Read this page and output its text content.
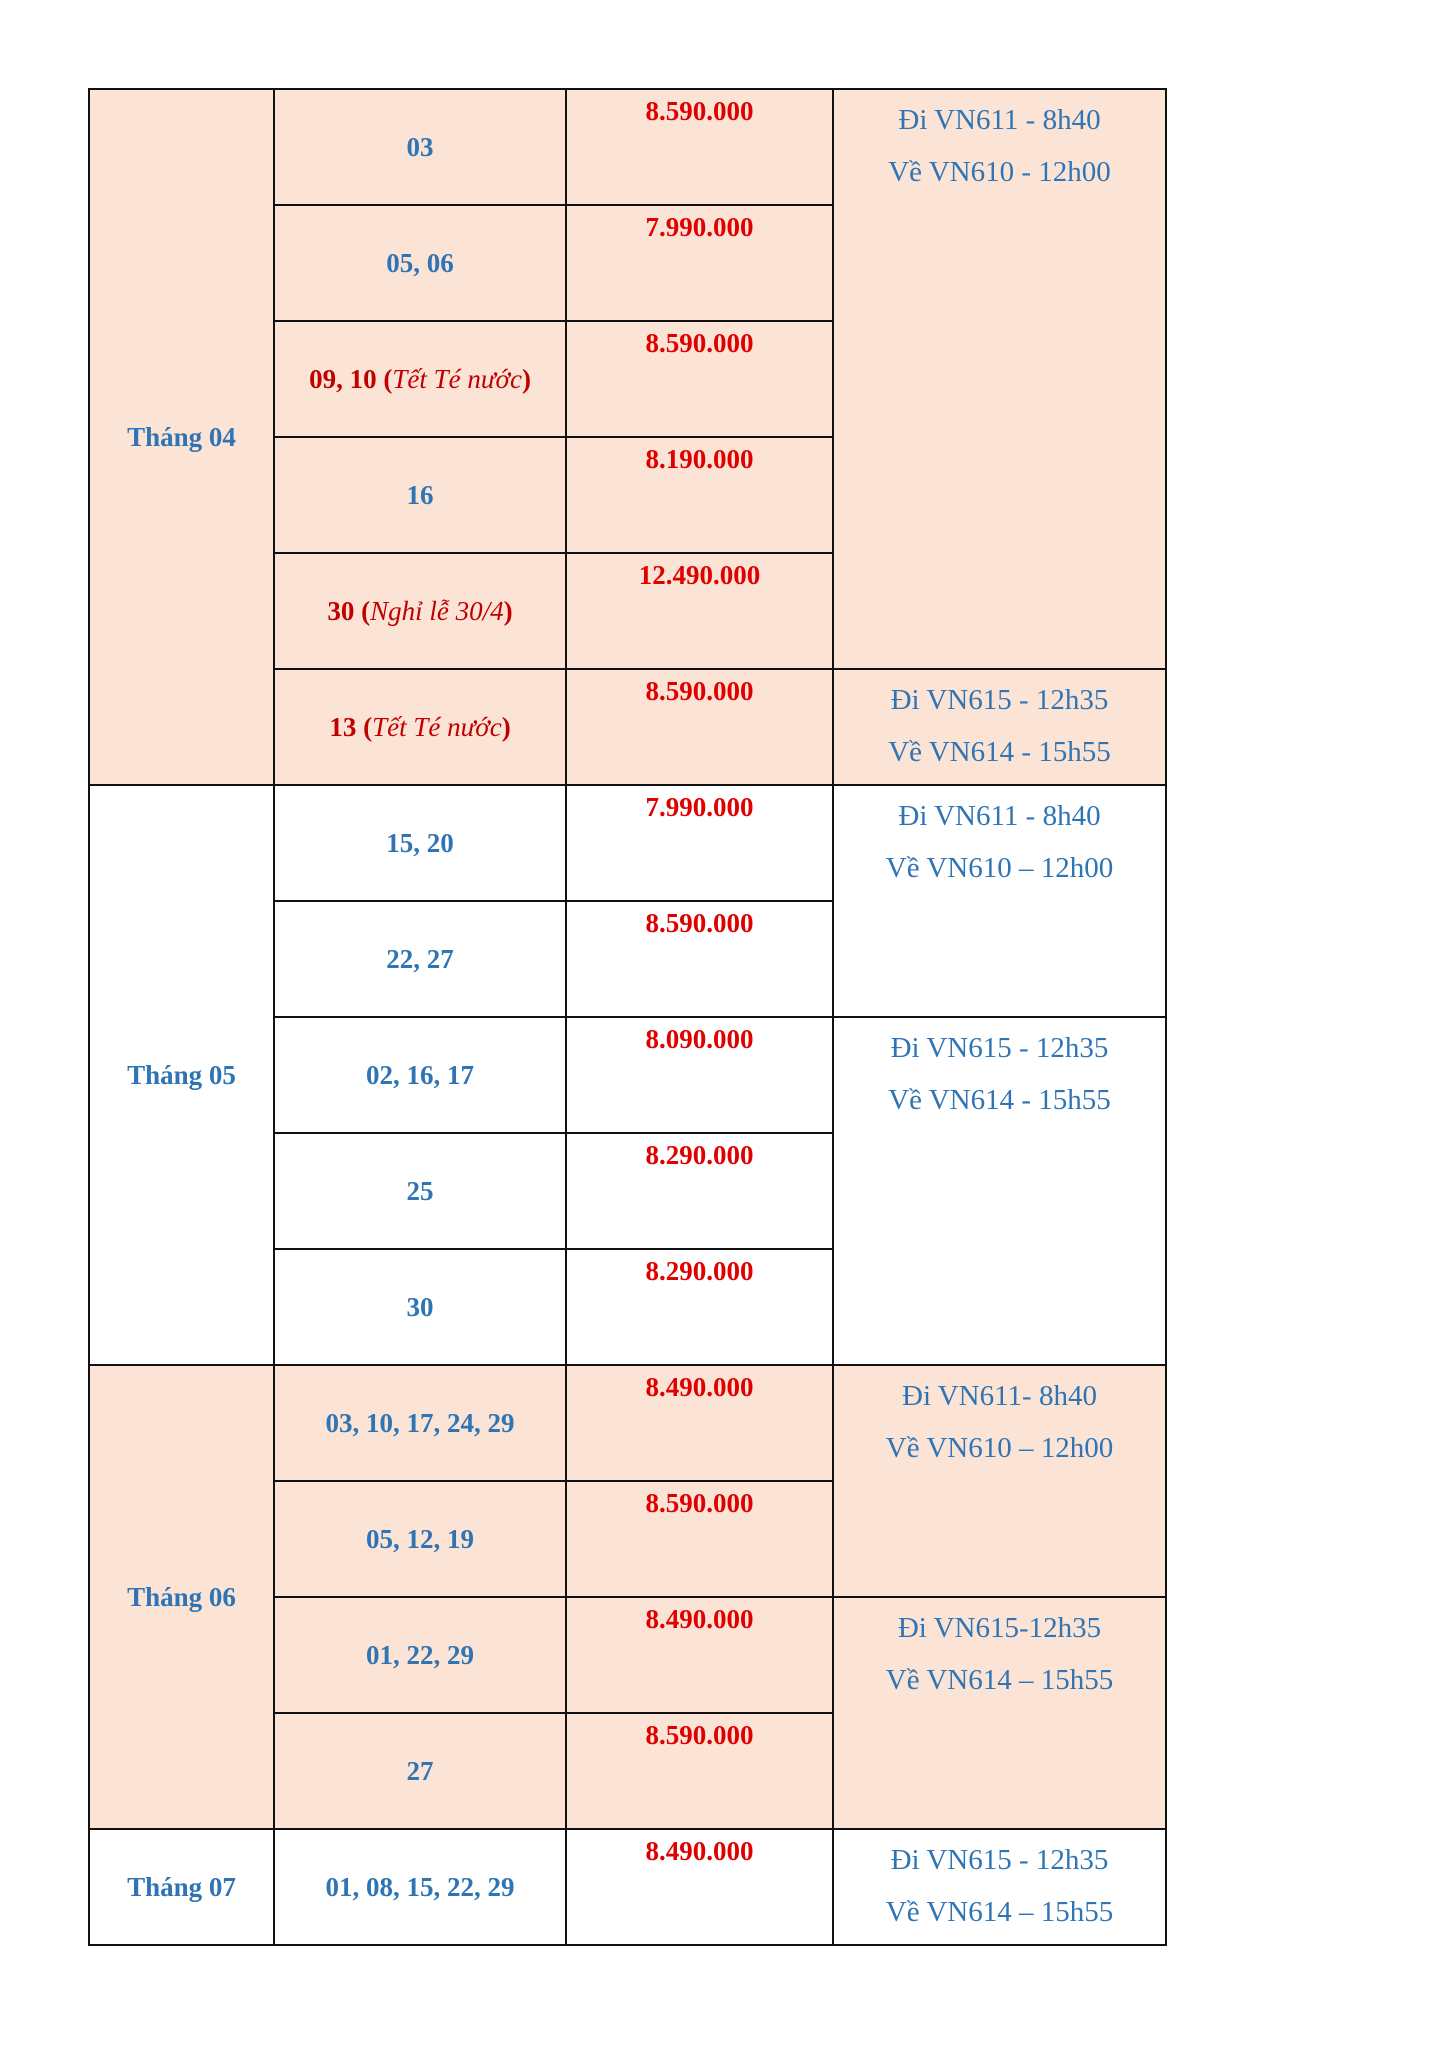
Tháng 04	03	8.590.000	Đi VN611 - 8h40
Về VN610 - 12h00

	05, 06	7.990.000	

	09, 10 (Tết Té nước)	8.590.000	

	16	8.190.000	

	30 (Nghỉ lễ 30/4)	12.490.000	

	13 (Tết Té nước)	8.590.000	Đi VN615 - 12h35
Về VN614 - 15h55

Tháng 05	15, 20	7.990.000	Đi VN611 - 8h40
Về VN610 – 12h00

	22, 27	8.590.000	

	02, 16, 17	8.090.000	Đi VN615 - 12h35
Về VN614 - 15h55

	25	8.290.000	

	30	8.290.000	

Tháng 06	03, 10, 17, 24, 29	8.490.000	Đi VN611- 8h40
Về VN610 – 12h00

	05, 12, 19	8.590.000	

	01, 22, 29	8.490.000	Đi VN615-12h35
Về VN614 – 15h55

	27	8.590.000	

Tháng 07	01, 08, 15, 22, 29	8.490.000	Đi VN615 - 12h35
Về VN614 – 15h55
